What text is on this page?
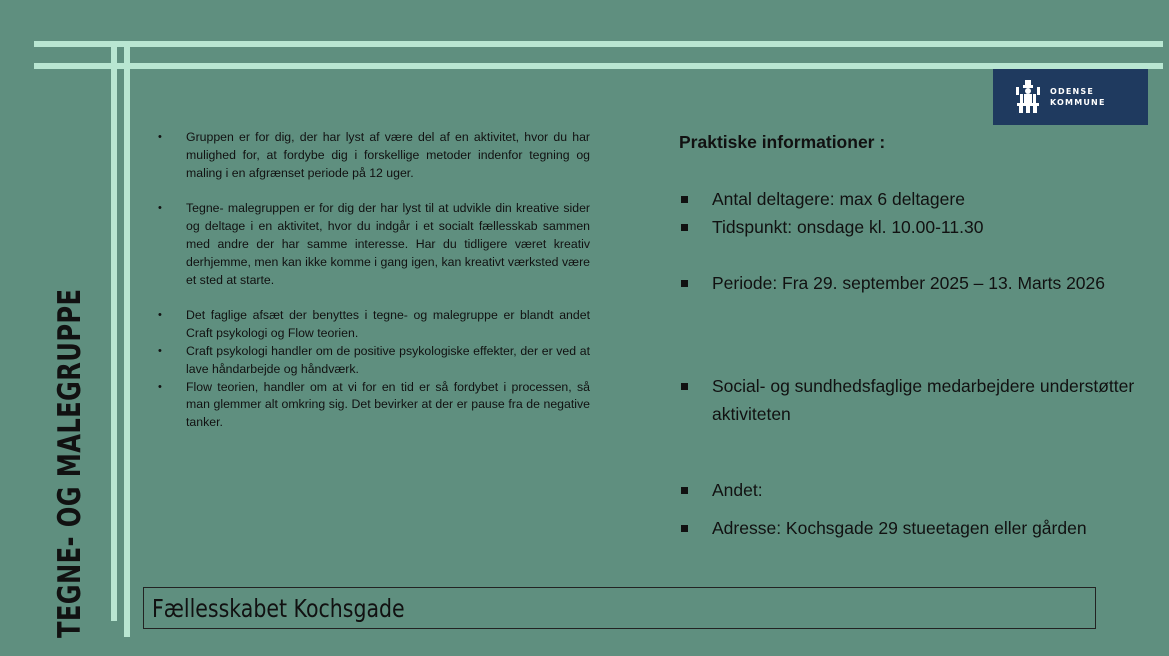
TEGNE- OG MALEGRUPPE
ODENSE
KOMMUNE
• Gruppen er for dig, der har lyst af være del af en aktivitet, hvor du har mulighed for, at fordybe dig i forskellige metoder indenfor tegning og maling i en afgrænset periode på 12 uger.
• Tegne- malegruppen er for dig der har lyst til at udvikle din kreative sider og deltage i en aktivitet, hvor du indgår i et socialt fællesskab sammen med andre der har samme interesse. Har du tidligere været kreativ derhjemme, men kan ikke komme i gang igen, kan kreativt værksted være et sted at starte.
• Det faglige afsæt der benyttes i tegne- og malegruppe er blandt andet Craft psykologi og Flow teorien.
• Craft psykologi handler om de positive psykologiske effekter, der er ved at lave håndarbejde og håndværk.
• Flow teorien, handler om at vi for en tid er så fordybet i processen, så man glemmer alt omkring sig. Det bevirker at der er pause fra de negative tanker.
Praktiske informationer :
Antal deltagere: max 6 deltagere
Tidspunkt: onsdage kl. 10.00-11.30
Periode: Fra 29. september 2025 – 13. Marts 2026
Social- og sundhedsfaglige medarbejdere understøtter aktiviteten
Andet:
Adresse: Kochsgade 29 stueetagen eller gården
Fællesskabet Kochsgade
